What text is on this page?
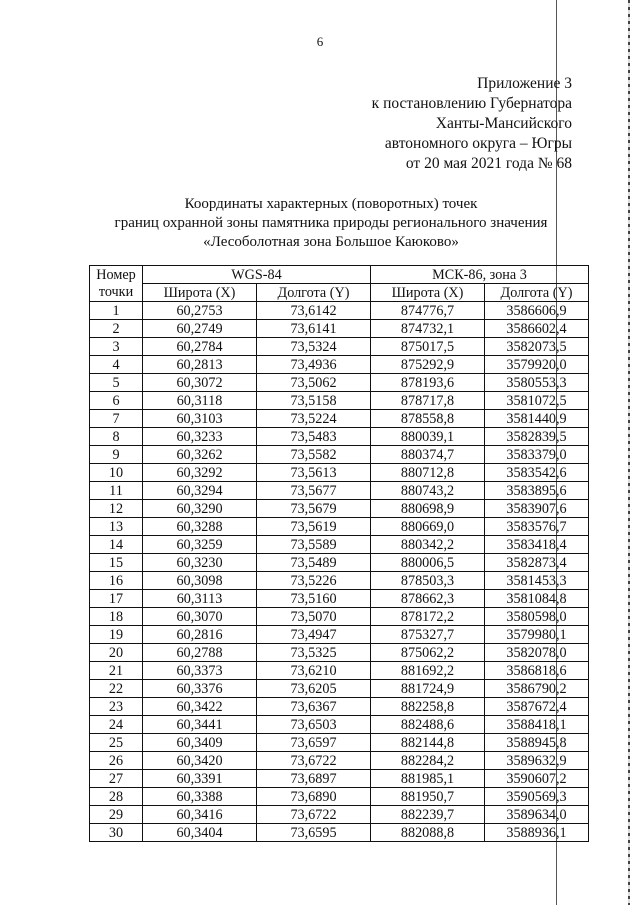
6
Приложение 3
к постановлению Губернатора
Ханты-Мансийского
автономного округа – Югры
от 20 мая 2021 года № 68
Координаты характерных (поворотных) точек
границ охранной зоны памятника природы регионального значения
«Лесоболотная зона Большое Каюково»
Номер точки	WGS-84		МСК-86, зона 3	
	Широта (X)	Долгота (Y)	Широта (X)	Долгота (Y)
1	60,2753	73,6142	874776,7	3586606,9
2	60,2749	73,6141	874732,1	3586602,4
3	60,2784	73,5324	875017,5	3582073,5
4	60,2813	73,4936	875292,9	3579920,0
5	60,3072	73,5062	878193,6	3580553,3
6	60,3118	73,5158	878717,8	3581072,5
7	60,3103	73,5224	878558,8	3581440,9
8	60,3233	73,5483	880039,1	3582839,5
9	60,3262	73,5582	880374,7	3583379,0
10	60,3292	73,5613	880712,8	3583542,6
11	60,3294	73,5677	880743,2	3583895,6
12	60,3290	73,5679	880698,9	3583907,6
13	60,3288	73,5619	880669,0	3583576,7
14	60,3259	73,5589	880342,2	3583418,4
15	60,3230	73,5489	880006,5	3582873,4
16	60,3098	73,5226	878503,3	3581453,3
17	60,3113	73,5160	878662,3	3581084,8
18	60,3070	73,5070	878172,2	3580598,0
19	60,2816	73,4947	875327,7	3579980,1
20	60,2788	73,5325	875062,2	3582078,0
21	60,3373	73,6210	881692,2	3586818,6
22	60,3376	73,6205	881724,9	3586790,2
23	60,3422	73,6367	882258,8	3587672,4
24	60,3441	73,6503	882488,6	3588418,1
25	60,3409	73,6597	882144,8	3588945,8
26	60,3420	73,6722	882284,2	3589632,9
27	60,3391	73,6897	881985,1	3590607,2
28	60,3388	73,6890	881950,7	3590569,3
29	60,3416	73,6722	882239,7	3589634,0
30	60,3404	73,6595	882088,8	3588936,1
